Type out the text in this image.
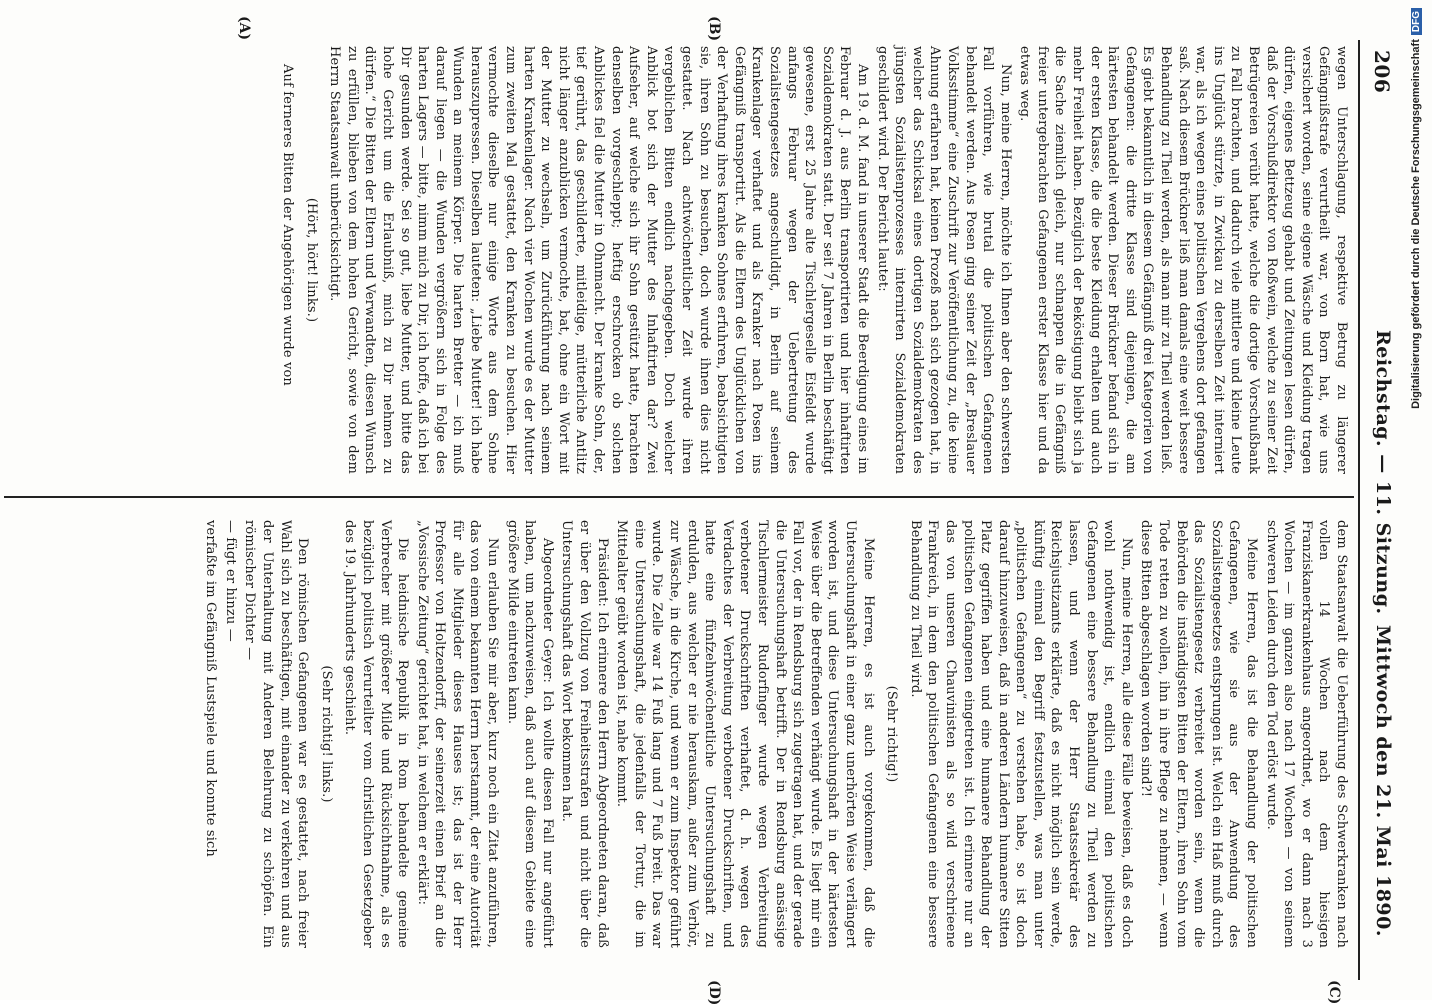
206
Reichstag. — 11. Sitzung.
Mittwoch den 21. Mai 1890.
(A)	(B)
(C)
(D)

wegen Unterschlagung, respektive Betrug zu längerer Gefängnißstrafe verurtheilt war, von Born hat, wie uns versichert worden, seine eigene Wäsche und Kleidung tragen dürfen, eigenes Bettzeug gehabt und Zeitungen lesen dürfen, daß der Vorschußdirektor von Roßwein, welche zu seiner Zeit Betrügereien verübt hatte, welche die dortige Vorschußbank zu Fall brachten, und dadurch viele mittlere und kleine Leute ins Unglück stürzte, in Zwickau zu derselben Zeit interniert war, als ich wegen eines politischen Vergehens dort gefangen saß. Nach diesem Brückner ließ man damals eine weit bessere Behandlung zu Theil werden, als man mir zu Theil werden ließ. Es giebt bekanntlich in diesem Gefängniß drei Kategorien von Gefangenen: die dritte Klasse sind diejenigen, die am härtesten behandelt werden. Dieser Brückner befand sich in der ersten Klasse, die die beste Kleidung erhalten und auch mehr Freiheit haben. Bezüglich der Beköstigung bleibt sich ja die Sache ziemlich gleich, nur schnappen die in Gefängniß freier untergebrachten Gefangenen erster Klasse hier und da etwas weg.

Nun, meine Herren, möchte ich Ihnen aber den schwersten Fall vorführen, wie brutal die politischen Gefangenen behandelt werden. Aus Posen ging seiner Zeit der „Breslauer Volksstimme“ eine Zuschrift zur Veröffentlichung zu, die keine Ahnung erfahren hat, keinen Prozeß nach sich gezogen hat, in welcher das Schicksal eines dortigen Sozialdemokraten des jüngsten Sozialistenprozesses internirten Sozialdemokraten geschildert wird. Der Bericht lautet:

Am 19. d. M. fand in unserer Stadt die Beerdigung eines im Februar d. J. aus Berlin transportirten und hier inhaftirten Sozialdemokraten statt. Der seit 7 Jahren in Berlin beschäftigt gewesene, erst 25 Jahre alte Tischlergeselle Eisfeldt wurde anfangs Februar wegen der Uebertretung des Sozialistengesetzes angeschuldigt, in Berlin auf seinem Krankenlager verhaftet und als Kranker nach Posen ins Gefängniß transportirt. Als die Eltern des Unglücklichen von der Verhaftung ihres kranken Sohnes erfuhren, beabsichtigten sie, ihren Sohn zu besuchen, doch wurde ihnen dies nicht gestattet. Nach achtwöchentlicher Zeit wurde ihren vergeblichen Bitten endlich nachgegeben. Doch welcher Anblick bot sich der Mutter des Inhaftirten dar? Zwei Aufseher, auf welche sich ihr Sohn gestützt hatte, brachten denselben vorgeschleppt; heftig erschrocken ob solchen Anblickes fiel die Mutter in Ohnmacht. Der kranke Sohn, der, tief gerührt, das geschilderte, mitleidige, mütterliche Antlitz nicht länger anzublicken vermochte, bat, ohne ein Wort mit der Mutter zu wechseln, um Zurückführung nach seinem harten Krankenlager. Nach vier Wochen wurde es der Mutter zum zweiten Mal gestattet, den Kranken zu besuchen. Hier vermochte dieselbe nur einige Worte aus dem Sohne herauszupressen. Dieselben lauteten: „Liebe Mutter! ich habe Wunden an meinem Körper. Die harten Bretter — ich muß darauf liegen — die Wunden vergrößern sich in Folge des harten Lagers — bitte, nimm mich zu Dir, ich hoffe, daß ich bei Dir gesunden werde. Sei so gut, liebe Mutter, und bitte das hohe Gericht um die Erlaubniß, mich zu Dir nehmen zu dürfen.“ Die Bitten der Eltern und Verwandten, diesen Wunsch zu erfüllen, blieben von dem hohen Gericht, sowie von dem Herrn Staatsanwalt unberücksichtigt.

(Hört, hört! links.)

Auf ferneres Bitten der Angehörigen wurde von

dem Staatsanwalt die Ueberführung des Schwerkranken nach vollen 14 Wochen nach dem hiesigen Franziskanerkrankenhaus angeordnet, wo er dann nach 3 Wochen — im ganzen also nach 17 Wochen — von seinem schweren Leiden durch den Tod erlöst wurde.

Meine Herren, das ist die Behandlung der politischen Gefangenen, wie sie aus der Anwendung des Sozialistengesetzes entsprungen ist. Welch ein Haß muß durch das Sozialistengesetz verbreitet worden sein, wenn die Behörden die inständigsten Bitten der Eltern, ihren Sohn vom Tode retten zu wollen, ihn in ihre Pflege zu nehmen, — wenn diese Bitten abgeschlagen worden sind?!

Nun, meine Herren, alle diese Fälle beweisen, daß es doch wohl nothwendig ist, endlich einmal den politischen Gefangenen eine bessere Behandlung zu Theil werden zu lassen, und wenn der Herr Staatssekretär des Reichsjustizamts erklärte, daß es nicht möglich sein werde, künftig einmal den Begriff festzustellen, was man unter „politischen Gefangenen“ zu verstehen habe, so ist doch darauf hinzuweisen, daß in anderen Ländern humanere Sitten Platz gegriffen haben und eine humanere Behandlung der politischen Gefangenen eingetreten ist. Ich erinnere nur an das von unseren Chauvinisten als so wild verschrieene Frankreich, in dem den politischen Gefangenen eine bessere Behandlung zu Theil wird.

(Sehr richtig!)

Meine Herren, es ist auch vorgekommen, daß die Untersuchungshaft in einer ganz unerhörten Weise verlängert worden ist, und diese Untersuchungshaft in der härtesten Weise über die Betreffenden verhängt wurde. Es liegt mir ein Fall vor, der in Rendsburg sich zugetragen hat, und der gerade die Untersuchungshaft betrifft. Der in Rendsburg ansässige Tischlermeister Rudorfinger wurde wegen Verbreitung verbotener Druckschriften verhaftet, d. h. wegen des Verdachtes der Verbreitung verbotener Druckschriften, und hatte eine fünfzehnwöchentliche Untersuchungshaft zu erdulden, aus welcher er nie herauskam, außer zum Verhör, zur Wäsche, in die Kirche, und wenn er zum Inspektor geführt wurde. Die Zelle war 14 Fuß lang und 7 Fuß breit. Das war eine Untersuchungshaft, die jedenfalls der Tortur, die im Mittelalter geübt worden ist, nahe kommt.

Präsident: Ich erinnere den Herrn Abgeordneten daran, daß er über den Vollzug von Freiheitsstrafen und nicht über die Untersuchungshaft das Wort bekommen hat.

Abgeordneter Geyer: Ich wollte diesen Fall nur angeführt haben, um nachzuweisen, daß auch auf diesem Gebiete eine größere Milde eintreten kann.

Nun erlauben Sie mir aber, kurz noch ein Zitat anzuführen, das von einem bekannten Herrn herstammt, der eine Autorität für alle Mitglieder dieses Hauses ist; das ist der Herr Professor von Holtzendorff, der seinerzeit einen Brief an die „Vossische Zeitung“ gerichtet hat, in welchem er erklärt:

Die heidnische Republik in Rom behandelte gemeine Verbrecher mit größerer Milde und Rücksichtnahme, als es bezüglich politisch Verurteilter vom christlichen Gesetzgeber des 19. Jahrhunderts geschieht.

(Sehr richtig! links.)

Den römischen Gefangenen war es gestattet, nach freier Wahl sich zu beschäftigen, mit einander zu verkehren und aus der Unterhaltung mit Anderen Belehrung zu schöpfen. Ein römischer Dichter —

— fügt er hinzu —

verfaßte im Gefängniß Lustspiele und konnte sich

Digitalisierung gefördert durch die Deutsche Forschungsgemeinschaft
DFG
